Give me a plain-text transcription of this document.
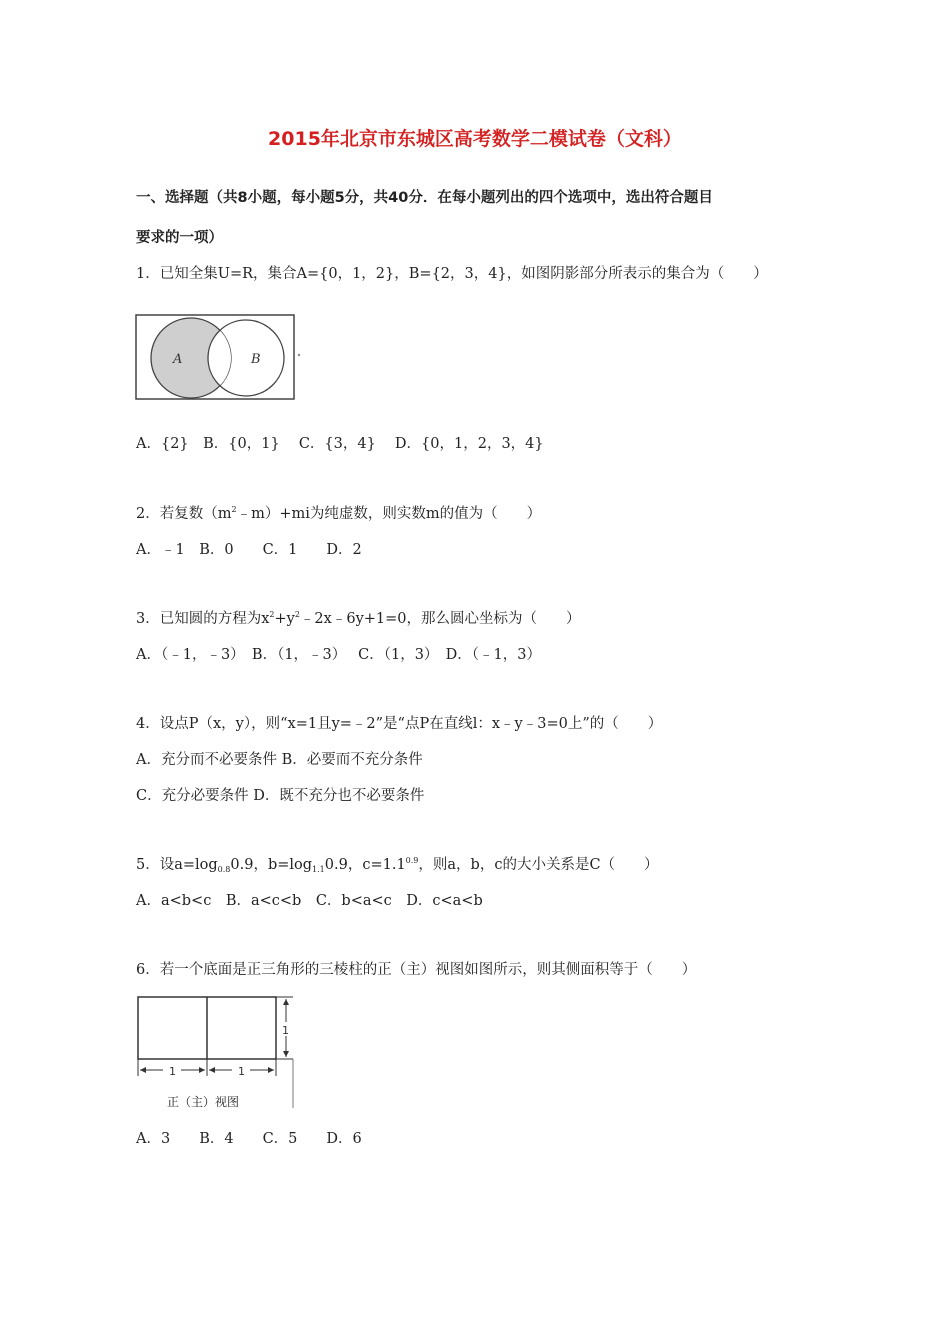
2015年北京市东城区高考数学二模试卷（文科）
一、选择题（共8小题，每小题5分，共40分．在每小题列出的四个选项中，选出符合题目
要求的一项）
1．已知全集U=R，集合A={0，1，2}，B={2，3，4}，如图阴影部分所表示的集合为（　　）
A	B
A．{2}　B．{0，1}　 C．{3，4}　 D．{0，1，2，3，4}
2．若复数$(m^2﹣m)+mi$为纯虚数，则实数m的值为（　　）
A．﹣1　B．0　　C．1　　D．2
3．已知圆的方程为$x^2+y^2﹣2x﹣6y+1=0$，那么圆心坐标为（　　）
A．（﹣1，﹣3）　B．（1，﹣3）　 C．（1，3）　D．（﹣1，3）
4．设点P（x，y），则“x=1且y=﹣2”是“点P在直线l：x﹣y﹣3=0上”的（　　）
A．充分而不必要条件 B．必要而不充分条件
C．充分必要条件 D．既不充分也不必要条件
5．设$a=\log_{0.8}0.9$，$b=\log_{1.1}0.9$，$c=1.1^{0.9}$，则a，b，c的大小关系是C（　　）
A．a<b<c　B．a<c<b　C．b<a<c　D．c<a<b
6．若一个底面是正三角形的三棱柱的正（主）视图如图所示，则其侧面积等于（　　）
1	1
1
正（主）视图
A．3　　B．4　　C．5　　D．6
